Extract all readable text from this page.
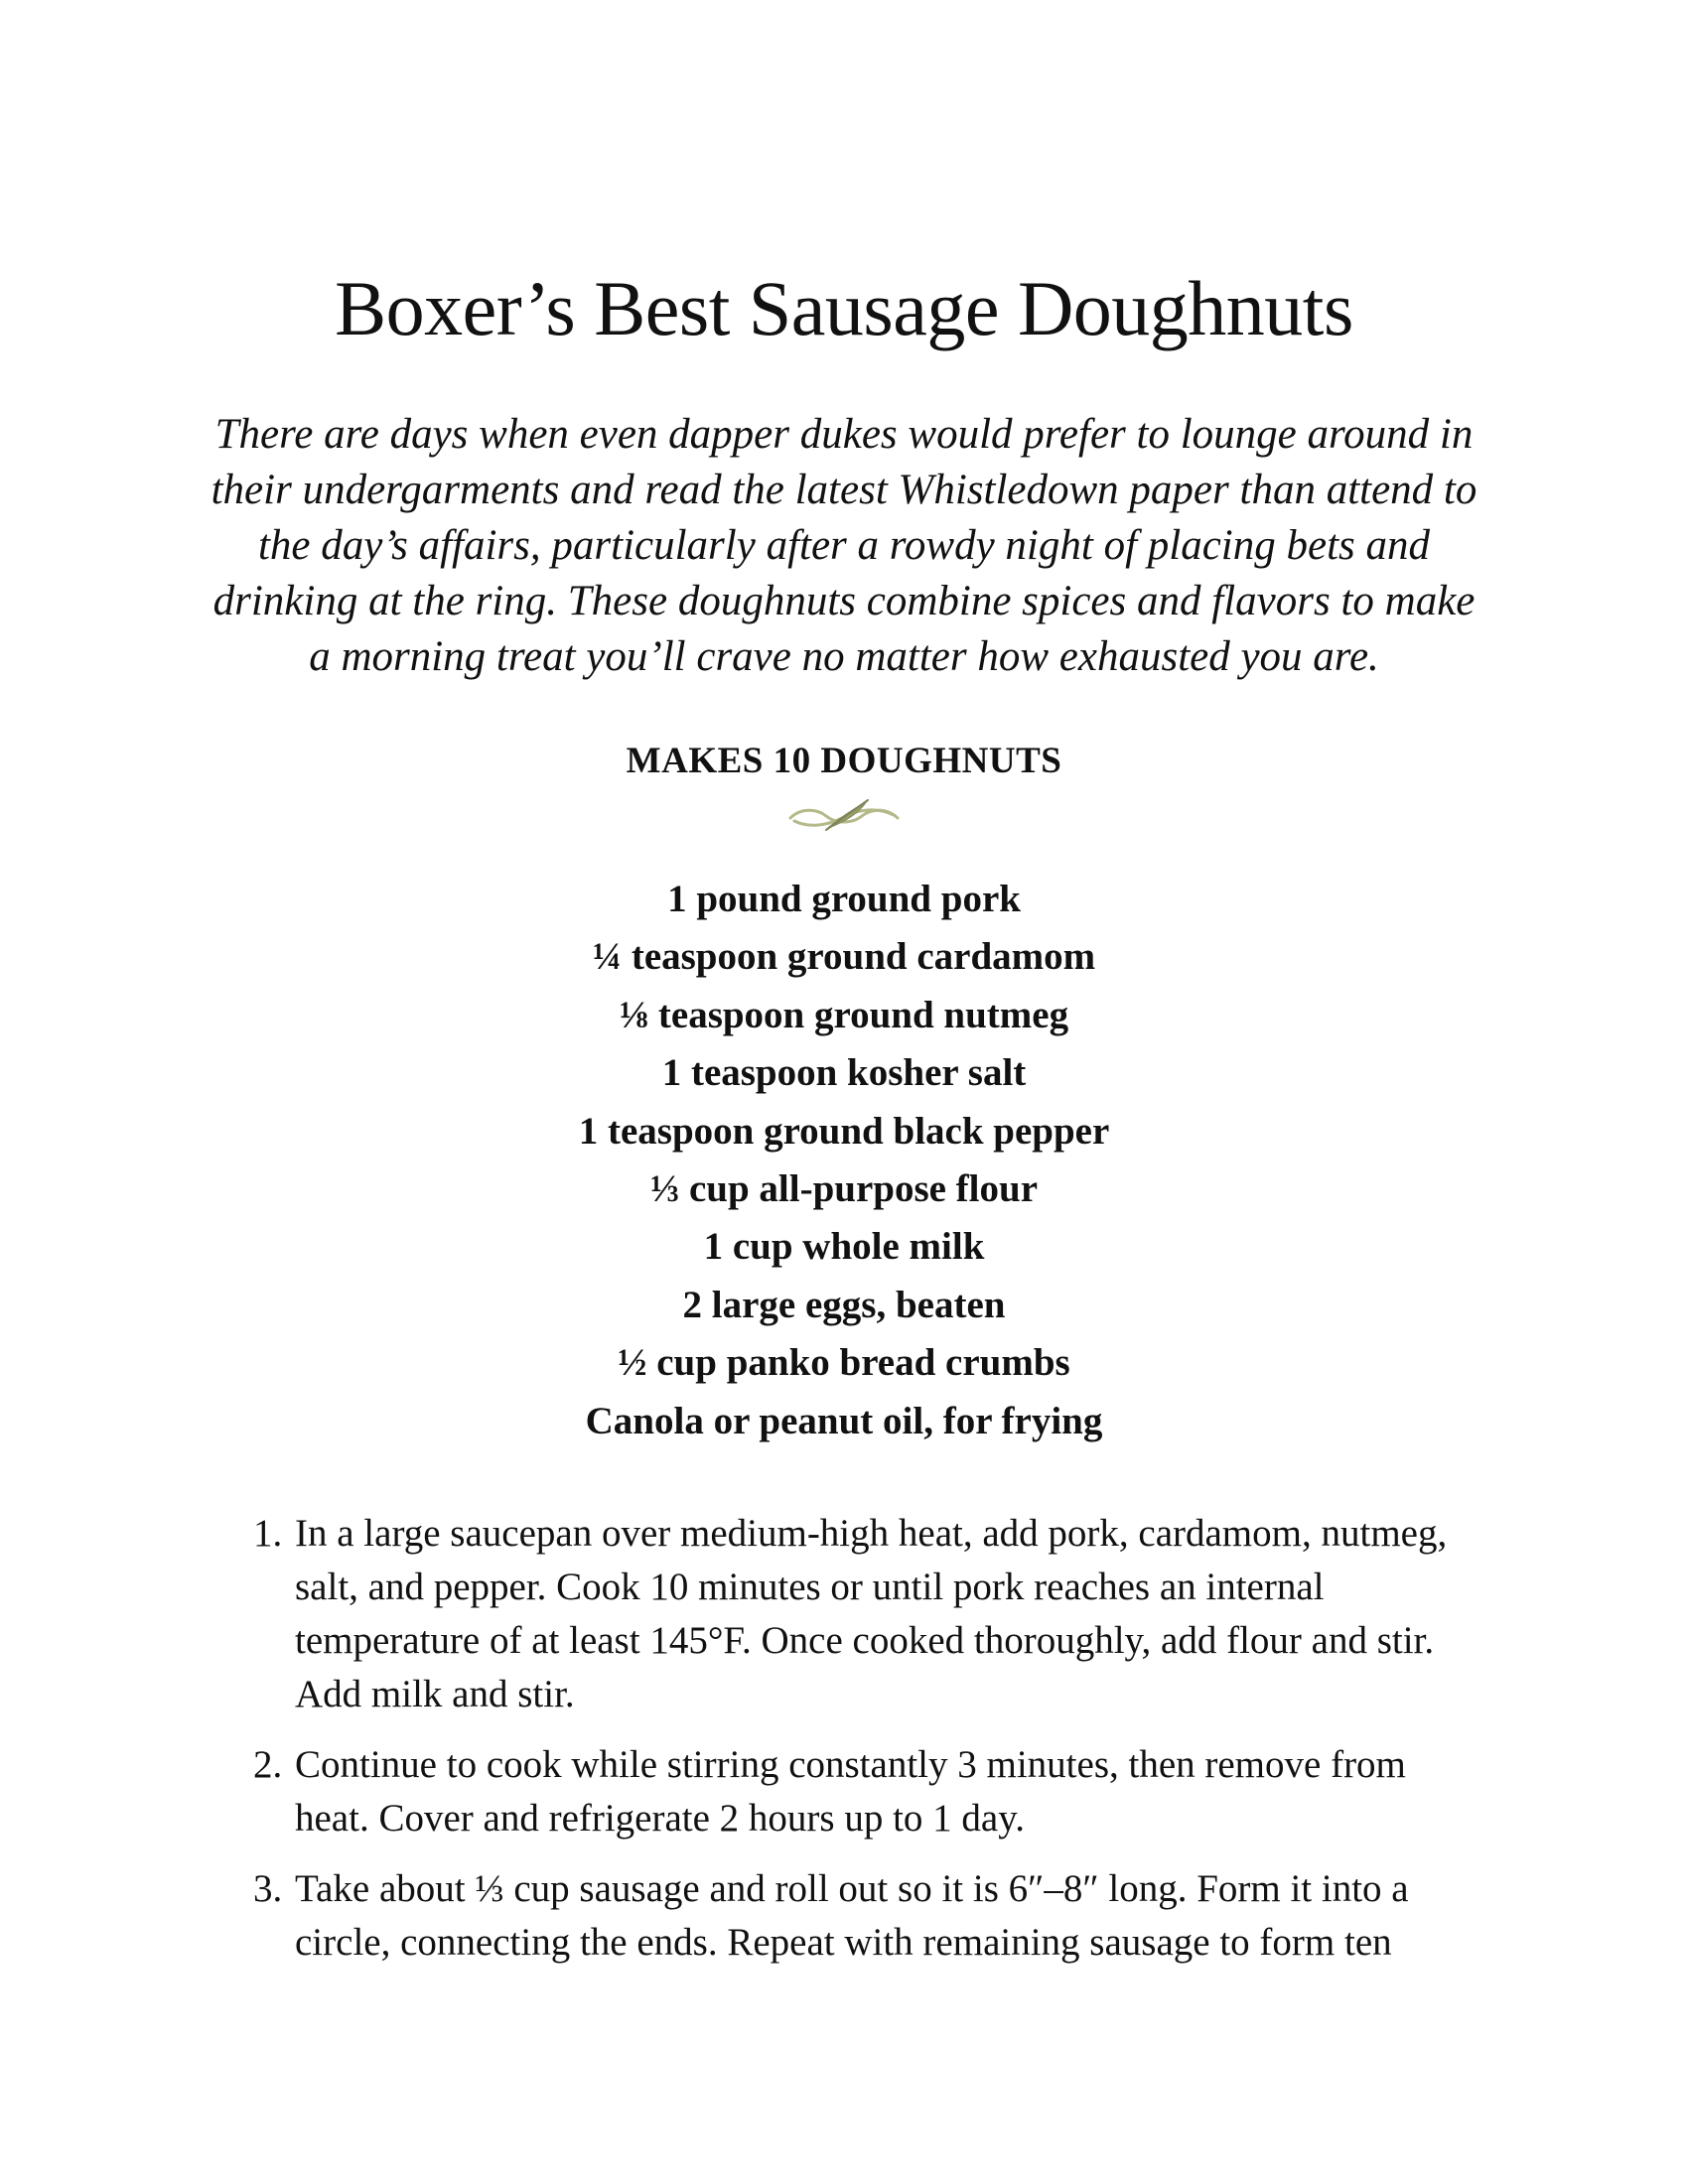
Boxer’s Best Sausage Doughnuts

There are days when even dapper dukes would prefer to lounge around in their undergarments and read the latest Whistledown paper than attend to the day’s affairs, particularly after a rowdy night of placing bets and drinking at the ring. These doughnuts combine spices and flavors to make a morning treat you’ll crave no matter how exhausted you are.

MAKES 10 DOUGHNUTS

1 pound ground pork
¼ teaspoon ground cardamom
⅛ teaspoon ground nutmeg
1 teaspoon kosher salt
1 teaspoon ground black pepper
⅓ cup all-purpose flour
1 cup whole milk
2 large eggs, beaten
½ cup panko bread crumbs
Canola or peanut oil, for frying
1. In a large saucepan over medium-high heat, add pork, cardamom, nutmeg, salt, and pepper. Cook 10 minutes or until pork reaches an internal temperature of at least 145°F. Once cooked thoroughly, add flour and stir. Add milk and stir.
2. Continue to cook while stirring constantly 3 minutes, then remove from heat. Cover and refrigerate 2 hours up to 1 day.
3. Take about ⅓ cup sausage and roll out so it is 6″–8″ long. Form it into a circle, connecting the ends. Repeat with remaining sausage to form ten
